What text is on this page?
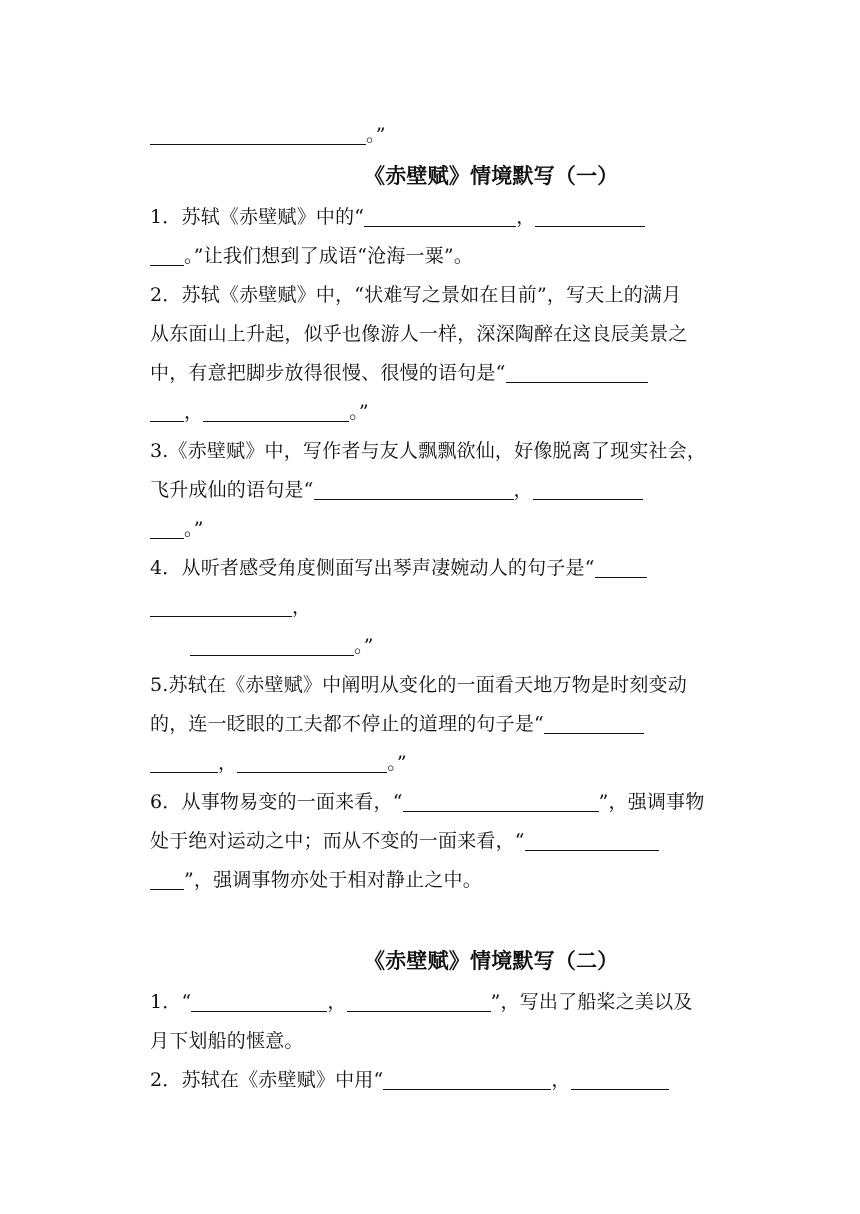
。”
《赤壁赋》情境默写（一）
1．苏轼《赤壁赋》中的“	，
。”让我们想到了成语“沧海一粟”。
2．苏轼《赤壁赋》中，“状难写之景如在目前”，写天上的满月
从东面山上升起，似乎也像游人一样，深深陶醉在这良辰美景之
中，有意把脚步放得很慢、很慢的语句是“
，	。”
3.《赤壁赋》中，写作者与友人飘飘欲仙，好像脱离了现实社会，
飞升成仙的语句是“	，
。”
4．从听者感受角度侧面写出琴声凄婉动人的句子是“
，
。”
5.苏轼在《赤壁赋》中阐明从变化的一面看天地万物是时刻变动
的，连一眨眼的工夫都不停止的道理的句子是“
，	。”
6．从事物易变的一面来看，“	”，强调事物
处于绝对运动之中；而从不变的一面来看，“
”，强调事物亦处于相对静止之中。
《赤壁赋》情境默写（二）
1．“	，	”，写出了船桨之美以及
月下划船的惬意。
2．苏轼在《赤壁赋》中用“	，
